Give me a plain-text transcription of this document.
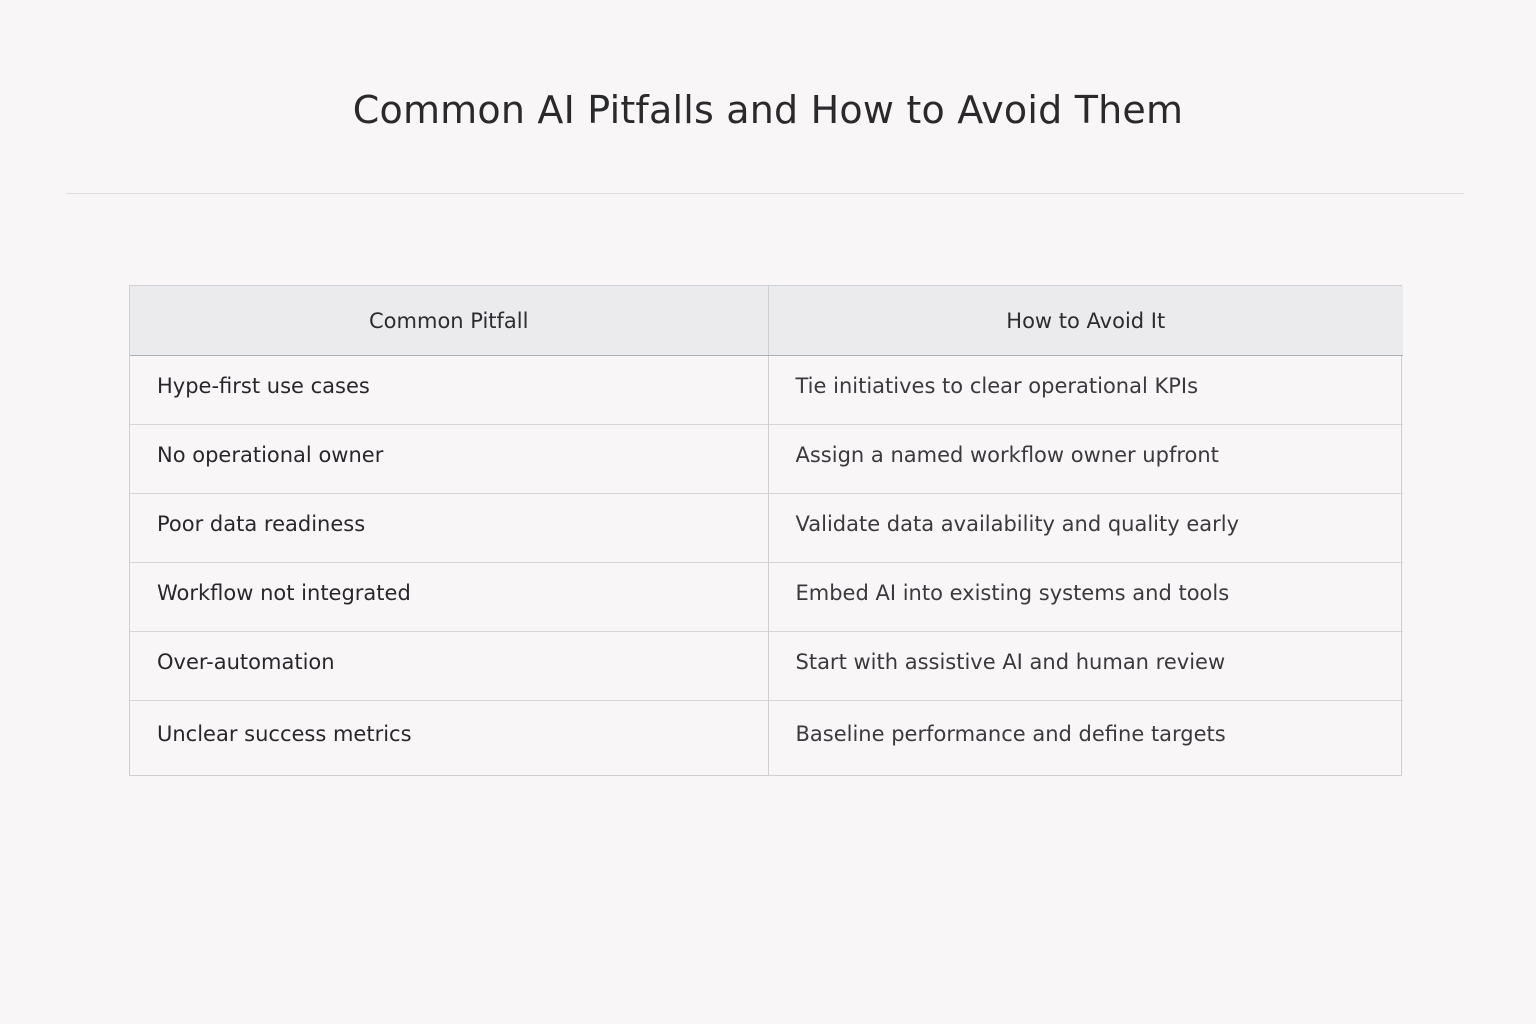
Common AI Pitfalls and How to Avoid Them
Common Pitfall	How to Avoid It
Hype-first use cases	Tie initiatives to clear operational KPIs
No operational owner	Assign a named workflow owner upfront
Poor data readiness	Validate data availability and quality early
Workflow not integrated	Embed AI into existing systems and tools
Over-automation	Start with assistive AI and human review
Unclear success metrics	Baseline performance and define targets
